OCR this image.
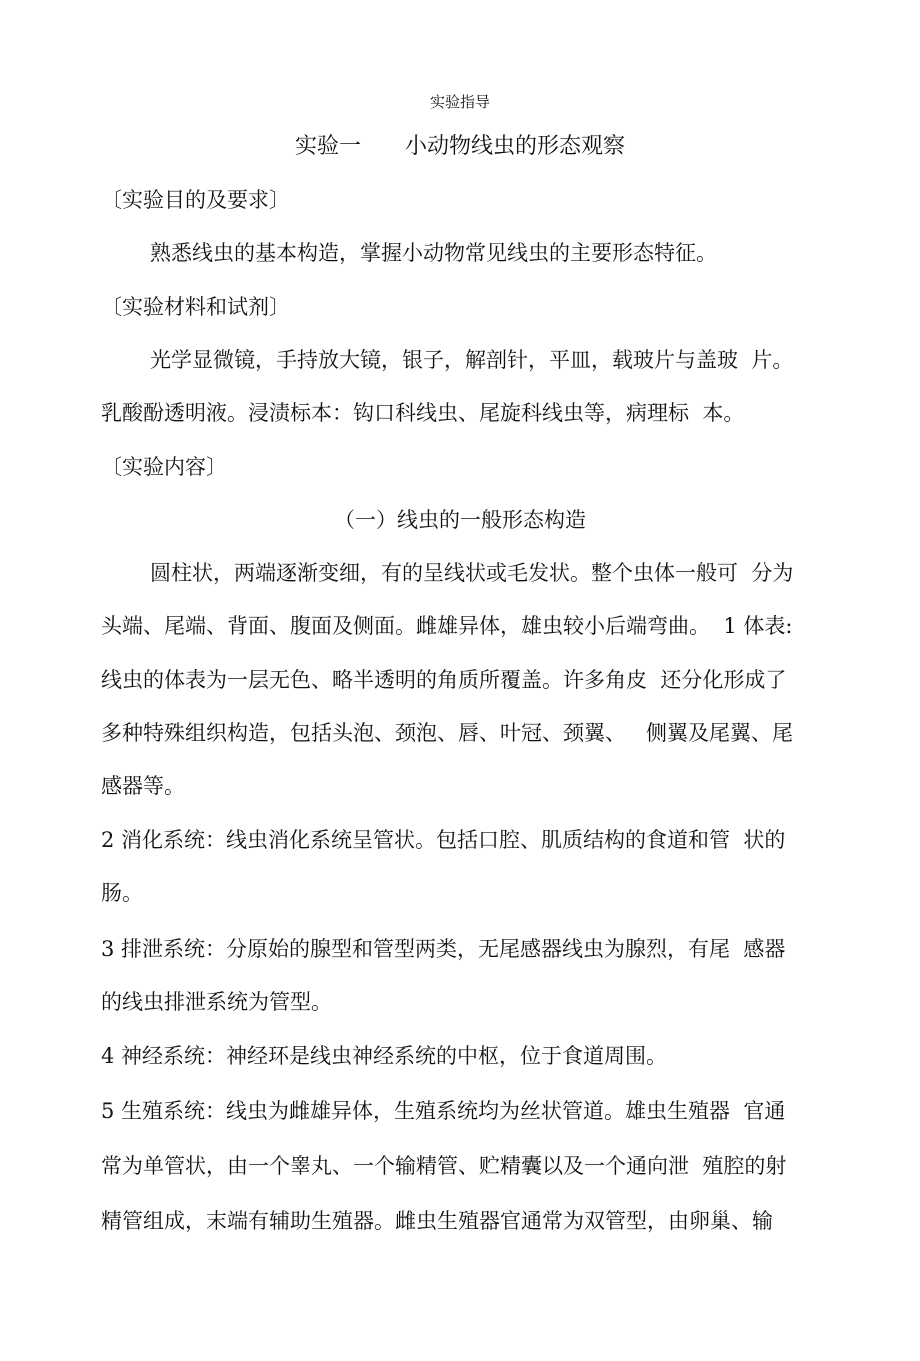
实验指导
实验一　　小动物线虫的形态观察
〔实验目的及要求〕
熟悉线虫的基本构造，掌握小动物常见线虫的主要形态特征。
〔实验材料和试剂〕
光学显微镜，手持放大镜，银子，解剖针，平皿，载玻片与盖玻  片。
乳酸酚透明液。浸渍标本：钩口科线虫、尾旋科线虫等，病理标  本。
〔实验内容〕
（一）线虫的一般形态构造
圆柱状，两端逐渐变细，有的呈线状或毛发状。整个虫体一般可  分为
头端、尾端、背面、腹面及侧面。雌雄异体，雄虫较小后端弯曲。  1 体表:
线虫的体表为一层无色、略半透明的角质所覆盖。许多角皮  还分化形成了
多种特殊组织构造，包括头泡、颈泡、唇、叶冠、颈翼、   侧翼及尾翼、尾
感器等。
2 消化系统：线虫消化系统呈管状。包括口腔、肌质结构的食道和管  状的
肠。
3 排泄系统：分原始的腺型和管型两类，无尾感器线虫为腺烈，有尾  感器
的线虫排泄系统为管型。
4 神经系统：神经环是线虫神经系统的中枢，位于食道周围。
5 生殖系统：线虫为雌雄异体，生殖系统均为丝状管道。雄虫生殖器  官通
常为单管状，由一个睾丸、一个输精管、贮精囊以及一个通向泄  殖腔的射
精管组成，末端有辅助生殖器。雌虫生殖器官通常为双管型，由卵巢、输
